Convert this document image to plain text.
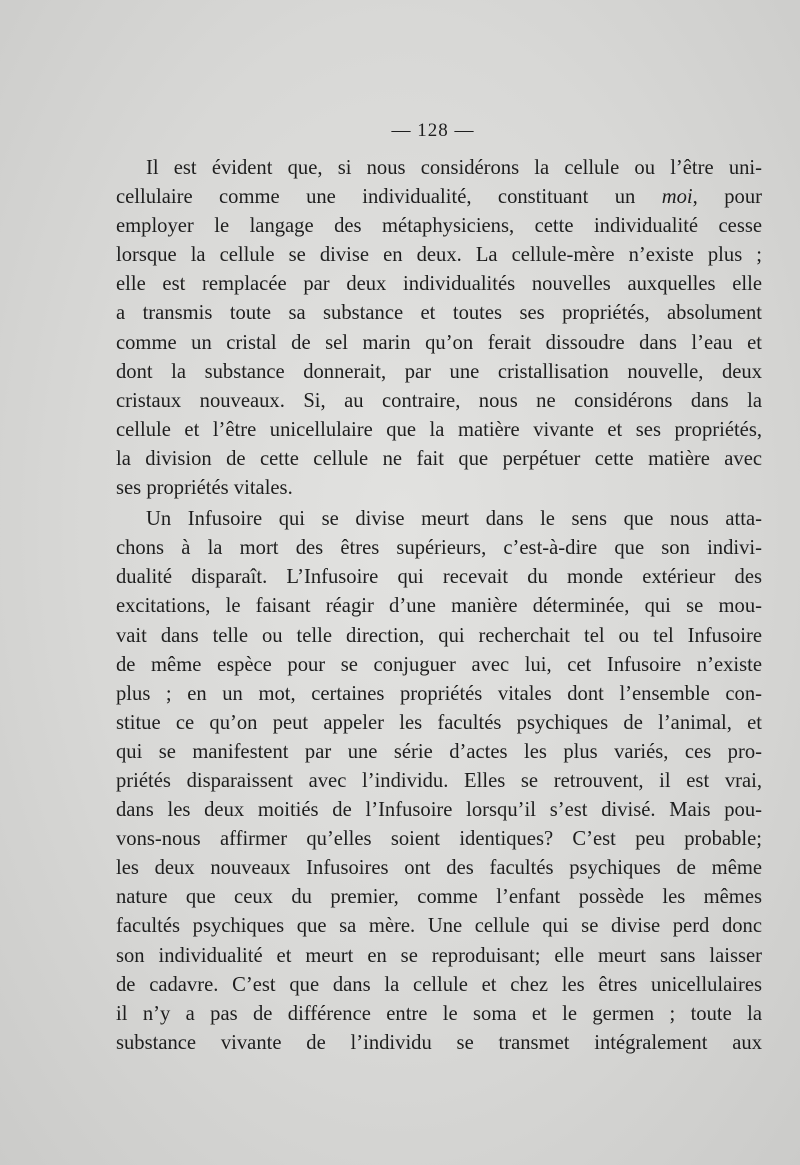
— 128 —
Il est évident que, si nous considérons la cellule ou l’être uni-
cellulaire comme une individualité, constituant un moi, pour
employer le langage des métaphysiciens, cette individualité cesse
lorsque la cellule se divise en deux. La cellule-mère n’existe plus ;
elle est remplacée par deux individualités nouvelles auxquelles elle
a transmis toute sa substance et toutes ses propriétés, absolument
comme un cristal de sel marin qu’on ferait dissoudre dans l’eau et
dont la substance donnerait, par une cristallisation nouvelle, deux
cristaux nouveaux. Si, au contraire, nous ne considérons dans la
cellule et l’être unicellulaire que la matière vivante et ses propriétés,
la division de cette cellule ne fait que perpétuer cette matière avec
ses propriétés vitales.
Un Infusoire qui se divise meurt dans le sens que nous atta-
chons à la mort des êtres supérieurs, c’est-à-dire que son indivi-
dualité disparaît. L’Infusoire qui recevait du monde extérieur des
excitations, le faisant réagir d’une manière déterminée, qui se mou-
vait dans telle ou telle direction, qui recherchait tel ou tel Infusoire
de même espèce pour se conjuguer avec lui, cet Infusoire n’existe
plus ; en un mot, certaines propriétés vitales dont l’ensemble con-
stitue ce qu’on peut appeler les facultés psychiques de l’animal, et
qui se manifestent par une série d’actes les plus variés, ces pro-
priétés disparaissent avec l’individu. Elles se retrouvent, il est vrai,
dans les deux moitiés de l’Infusoire lorsqu’il s’est divisé. Mais pou-
vons-nous affirmer qu’elles soient identiques? C’est peu probable;
les deux nouveaux Infusoires ont des facultés psychiques de même
nature que ceux du premier, comme l’enfant possède les mêmes
facultés psychiques que sa mère. Une cellule qui se divise perd donc
son individualité et meurt en se reproduisant; elle meurt sans laisser
de cadavre. C’est que dans la cellule et chez les êtres unicellulaires
il n’y a pas de différence entre le soma et le germen ; toute la
substance vivante de l’individu se transmet intégralement aux
